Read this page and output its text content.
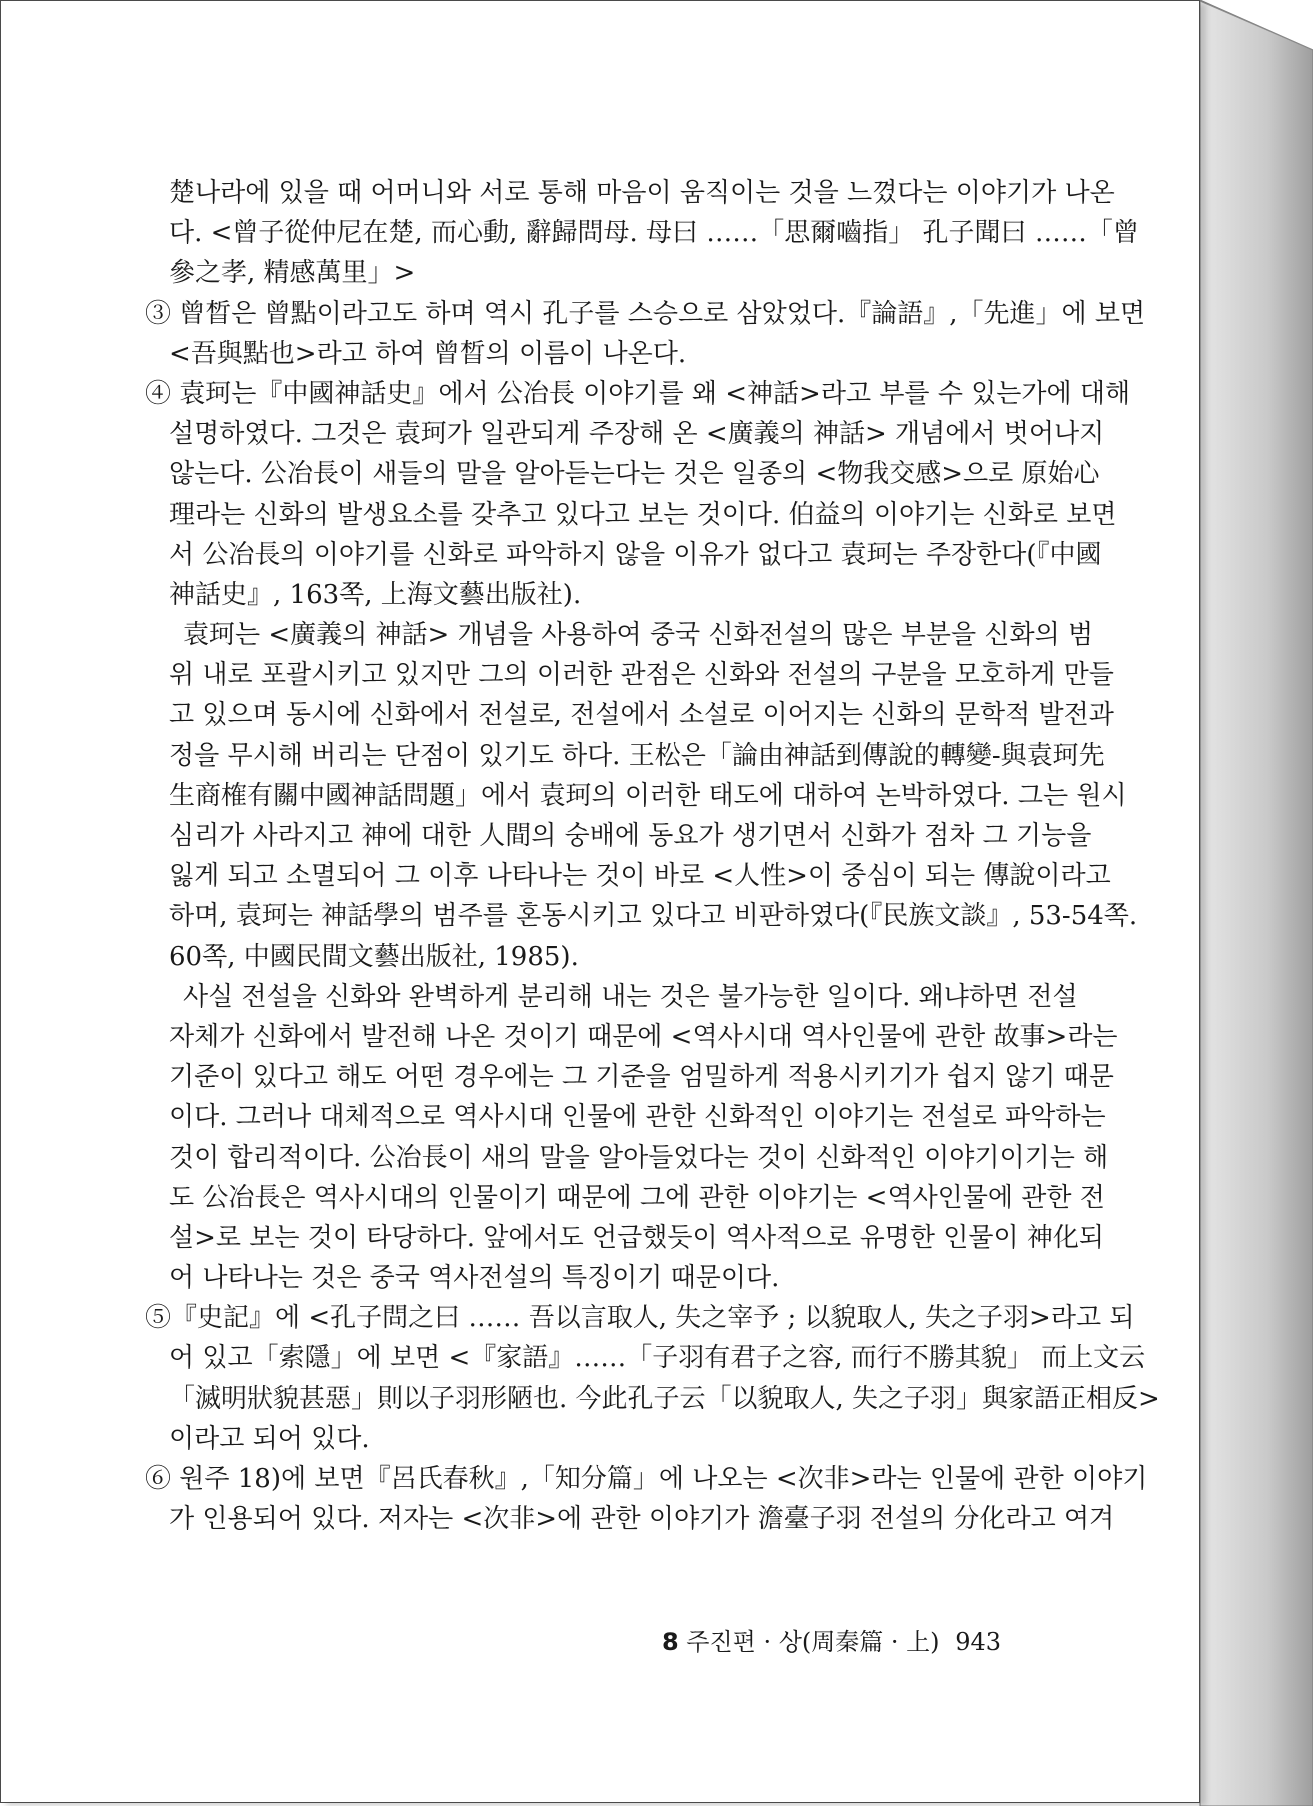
楚나라에 있을 때 어머니와 서로 통해 마음이 움직이는 것을 느꼈다는 이야기가 나온
다. <曾子從仲尼在楚, 而心動, 辭歸問母. 母曰 ……「思爾嚙指」 孔子聞曰 ……「曾
參之孝, 精感萬里」>
③ 曾晳은 曾點이라고도 하며 역시 孔子를 스승으로 삼았었다.『論語』,「先進」에 보면
<吾與點也>라고 하여 曾晳의 이름이 나온다.
④ 袁珂는『中國神話史』에서 公冶長 이야기를 왜 <神話>라고 부를 수 있는가에 대해
설명하였다. 그것은 袁珂가 일관되게 주장해 온 <廣義의 神話> 개념에서 벗어나지
않는다. 公冶長이 새들의 말을 알아듣는다는 것은 일종의 <物我交感>으로 原始心
理라는 신화의 발생요소를 갖추고 있다고 보는 것이다. 伯益의 이야기는 신화로 보면
서 公冶長의 이야기를 신화로 파악하지 않을 이유가 없다고 袁珂는 주장한다(『中國
神話史』, 163쪽, 上海文藝出版社).
袁珂는 <廣義의 神話> 개념을 사용하여 중국 신화전설의 많은 부분을 신화의 범
위 내로 포괄시키고 있지만 그의 이러한 관점은 신화와 전설의 구분을 모호하게 만들
고 있으며 동시에 신화에서 전설로, 전설에서 소설로 이어지는 신화의 문학적 발전과
정을 무시해 버리는 단점이 있기도 하다. 王松은「論由神話到傳說的轉變-與袁珂先
生商榷有關中國神話問題」에서 袁珂의 이러한 태도에 대하여 논박하였다. 그는 원시
심리가 사라지고 神에 대한 人間의 숭배에 동요가 생기면서 신화가 점차 그 기능을
잃게 되고 소멸되어 그 이후 나타나는 것이 바로 <人性>이 중심이 되는 傳說이라고
하며, 袁珂는 神話學의 범주를 혼동시키고 있다고 비판하였다(『民族文談』, 53-54쪽.
60쪽, 中國民間文藝出版社, 1985).
사실 전설을 신화와 완벽하게 분리해 내는 것은 불가능한 일이다. 왜냐하면 전설
자체가 신화에서 발전해 나온 것이기 때문에 <역사시대 역사인물에 관한 故事>라는
기준이 있다고 해도 어떤 경우에는 그 기준을 엄밀하게 적용시키기가 쉽지 않기 때문
이다. 그러나 대체적으로 역사시대 인물에 관한 신화적인 이야기는 전설로 파악하는
것이 합리적이다. 公冶長이 새의 말을 알아들었다는 것이 신화적인 이야기이기는 해
도 公冶長은 역사시대의 인물이기 때문에 그에 관한 이야기는 <역사인물에 관한 전
설>로 보는 것이 타당하다. 앞에서도 언급했듯이 역사적으로 유명한 인물이 神化되
어 나타나는 것은 중국 역사전설의 특징이기 때문이다.
⑤『史記』에 <孔子問之曰 …… 吾以言取人, 失之宰予 ; 以貌取人, 失之子羽>라고 되
어 있고「索隱」에 보면 <『家語』……「子羽有君子之容, 而行不勝其貌」 而上文云
「滅明狀貌甚惡」則以子羽形陋也. 今此孔子云「以貌取人, 失之子羽」與家語正相反>
이라고 되어 있다.
⑥ 원주 18)에 보면『呂氏春秋』,「知分篇」에 나오는 <次非>라는 인물에 관한 이야기
가 인용되어 있다. 저자는 <次非>에 관한 이야기가 澹臺子羽 전설의 分化라고 여겨
8 주진편 · 상(周秦篇 · 上) 943
